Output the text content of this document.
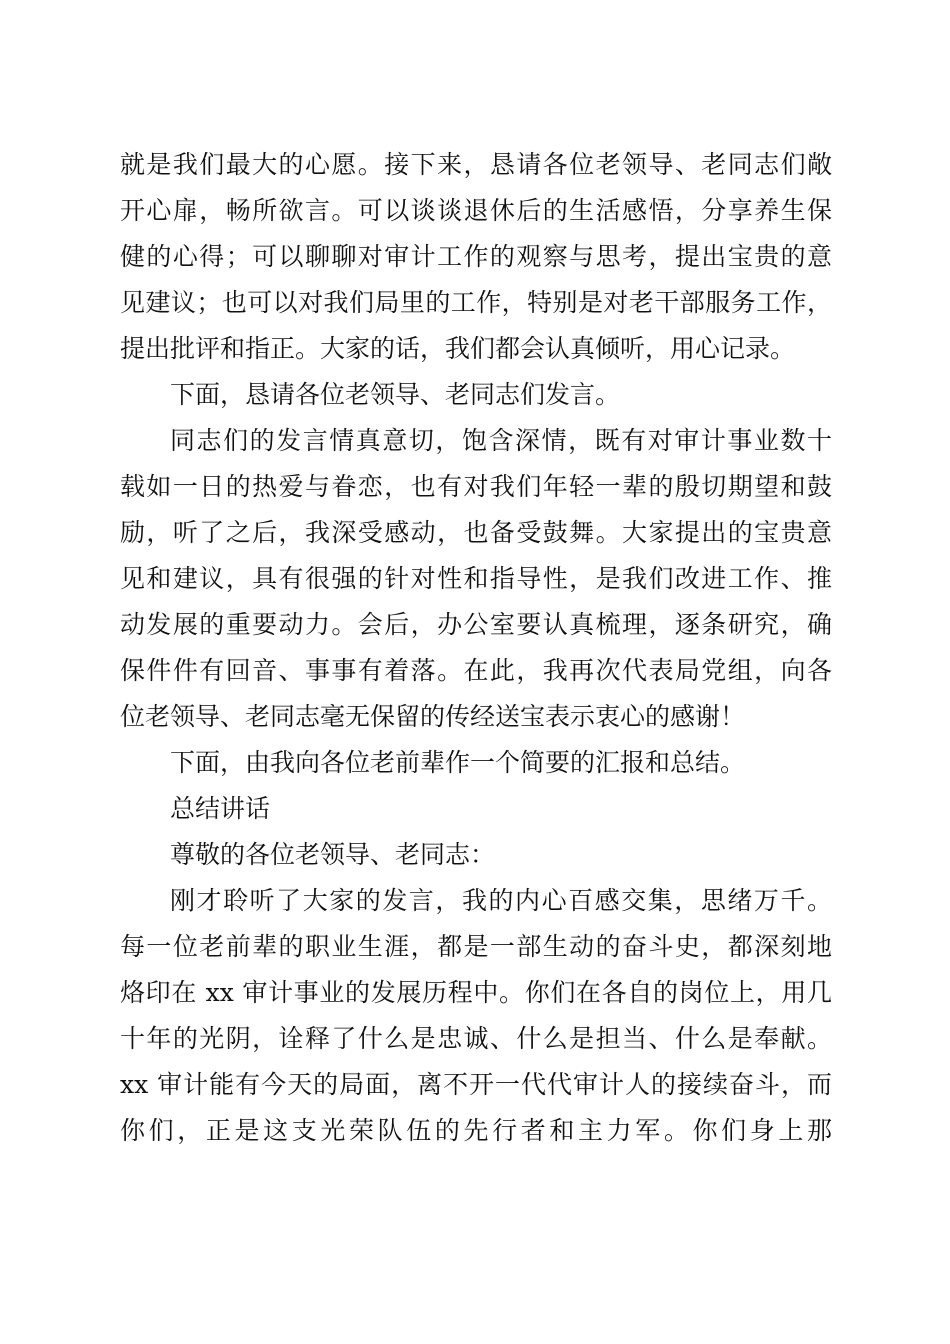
就是我们最大的心愿。接下来，恳请各位老领导、老同志们敞
开心扉，畅所欲言。可以谈谈退休后的生活感悟，分享养生保
健的心得；可以聊聊对审计工作的观察与思考，提出宝贵的意
见建议；也可以对我们局里的工作，特别是对老干部服务工作，
提出批评和指正。大家的话，我们都会认真倾听，用心记录。
下面，恳请各位老领导、老同志们发言。
同志们的发言情真意切，饱含深情，既有对审计事业数十
载如一日的热爱与眷恋，也有对我们年轻一辈的殷切期望和鼓
励，听了之后，我深受感动，也备受鼓舞。大家提出的宝贵意
见和建议，具有很强的针对性和指导性，是我们改进工作、推
动发展的重要动力。会后，办公室要认真梳理，逐条研究，确
保件件有回音、事事有着落。在此，我再次代表局党组，向各
位老领导、老同志毫无保留的传经送宝表示衷心的感谢！
下面，由我向各位老前辈作一个简要的汇报和总结。
总结讲话
尊敬的各位老领导、老同志：
刚才聆听了大家的发言，我的内心百感交集，思绪万千。
每一位老前辈的职业生涯，都是一部生动的奋斗史，都深刻地
烙印在 xx 审计事业的发展历程中。你们在各自的岗位上，用几
十年的光阴，诠释了什么是忠诚、什么是担当、什么是奉献。
xx 审计能有今天的局面，离不开一代代审计人的接续奋斗，而
你们，正是这支光荣队伍的先行者和主力军。你们身上那
